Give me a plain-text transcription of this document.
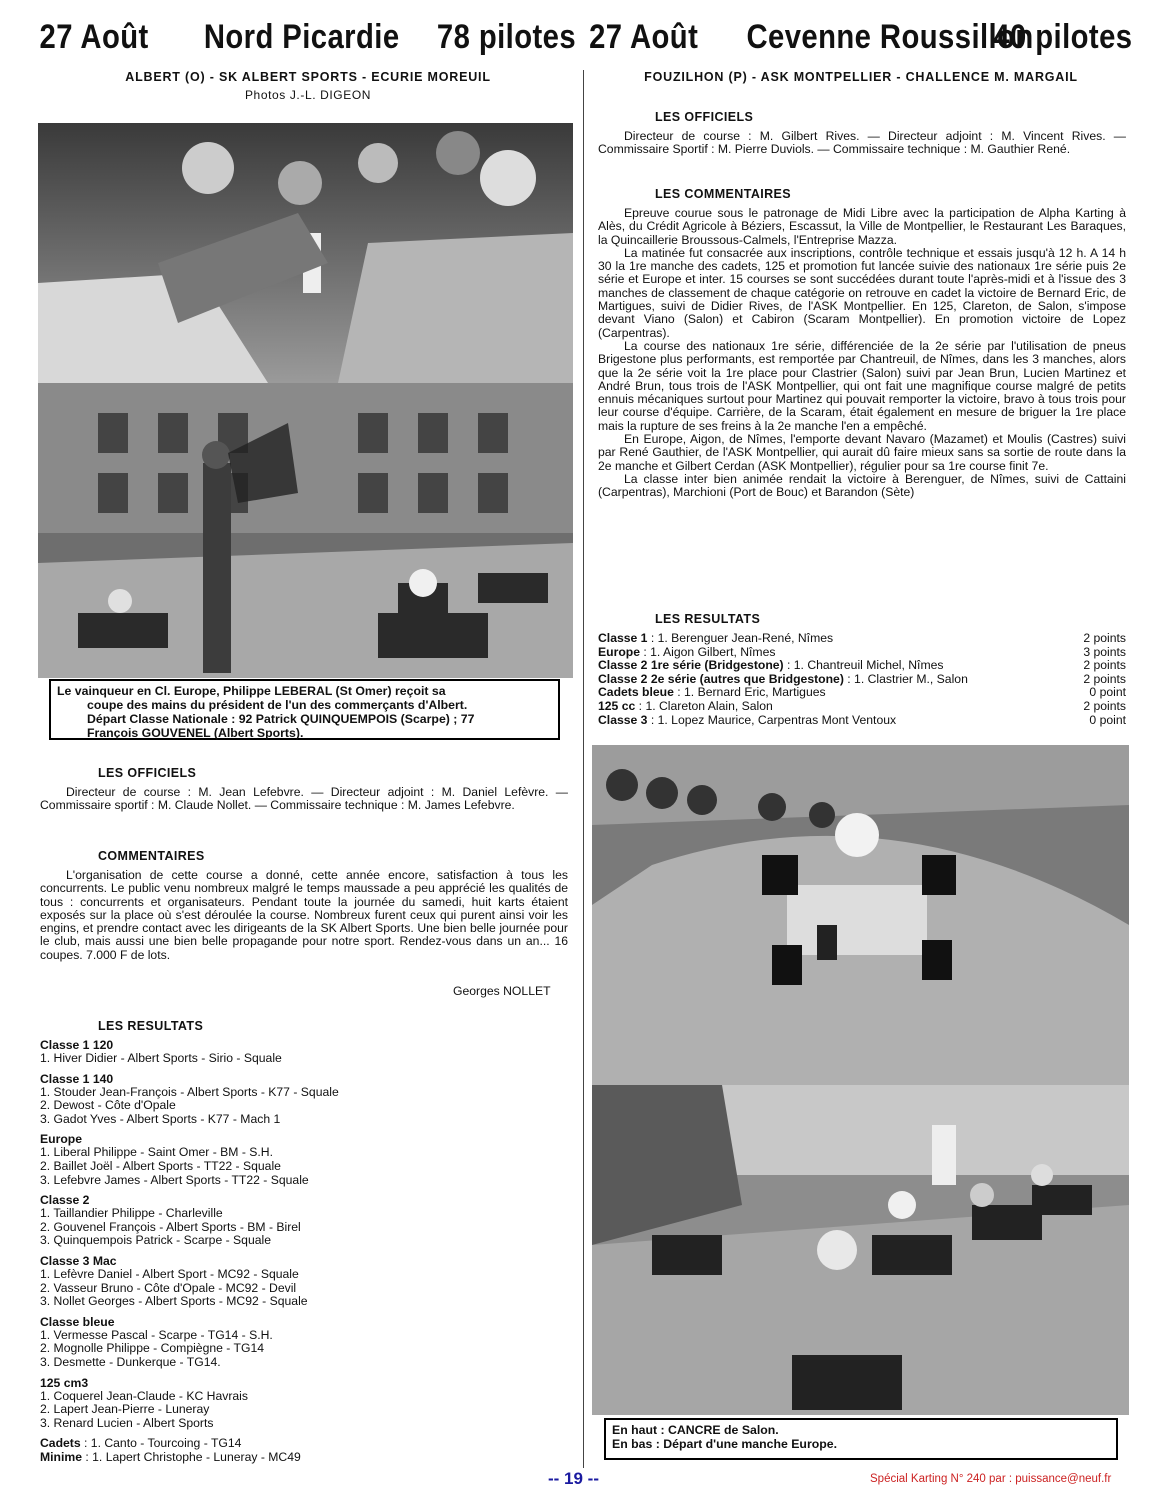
27 Août Nord Picardie 78 pilotes 27 Août Cevenne Roussillon
40 pilotes
ALBERT (O) - SK ALBERT SPORTS - ECURIE MOREUIL
Photos J.-L. DIGEON
Le vainqueur en Cl. Europe, Philippe LEBERAL (St Omer) reçoit sa
coupe des mains du président de l'un des commerçants d'Albert.
Départ Classe Nationale : 92 Patrick QUINQUEMPOIS (Scarpe) ; 77
François GOUVENEL (Albert Sports).
LES OFFICIELS

Directeur de course : M. Jean Lefebvre. — Directeur adjoint : M. Daniel Lefèvre. — Commissaire sportif : M. Claude Nollet. — Commissaire technique : M. James Lefebvre.

COMMENTAIRES

L'organisation de cette course a donné, cette année encore, satisfaction à tous les concurrents. Le public venu nombreux malgré le temps maussade a peu apprécié les qualités de tous : concurrents et organisateurs. Pendant toute la journée du samedi, huit karts étaient exposés sur la place où s'est déroulée la course. Nombreux furent ceux qui purent ainsi voir les engins, et prendre contact avec les dirigeants de la SK Albert Sports. Une bien belle journée pour le club, mais aussi une bien belle propagande pour notre sport. Rendez-vous dans un an... 16 coupes. 7.000 F de lots.

Georges NOLLET
LES RESULTATS
Classe 1 120
1. Hiver Didier - Albert Sports - Sirio - Squale
Classe 1 140
1. Stouder Jean-François - Albert Sports - K77 - Squale
2. Dewost - Côte d'Opale
3. Gadot Yves - Albert Sports - K77 - Mach 1
Europe
1. Liberal Philippe - Saint Omer - BM - S.H.
2. Baillet Joël - Albert Sports - TT22 - Squale
3. Lefebvre James - Albert Sports - TT22 - Squale
Classe 2
1. Taillandier Philippe - Charleville
2. Gouvenel François - Albert Sports - BM - Birel
3. Quinquempois Patrick - Scarpe - Squale
Classe 3 Mac
1. Lefèvre Daniel - Albert Sport - MC92 - Squale
2. Vasseur Bruno - Côte d'Opale - MC92 - Devil
3. Nollet Georges - Albert Sports - MC92 - Squale
Classe bleue
1. Vermesse Pascal - Scarpe - TG14 - S.H.
2. Mognolle Philippe - Compiègne - TG14
3. Desmette - Dunkerque - TG14.
125 cm3
1. Coquerel Jean-Claude - KC Havrais
2. Lapert Jean-Pierre - Luneray
3. Renard Lucien - Albert Sports
Cadets : 1. Canto - Tourcoing - TG14
Minime : 1. Lapert Christophe - Luneray - MC49
FOUZILHON (P) - ASK MONTPELLIER - CHALLENCE M. MARGAIL
LES OFFICIELS

Directeur de course : M. Gilbert Rives. — Directeur adjoint : M. Vincent Rives. — Commissaire Sportif : M. Pierre Duviols. — Commissaire technique : M. Gauthier René.

LES COMMENTAIRES

Epreuve courue sous le patronage de Midi Libre avec la participation de Alpha Karting à Alès, du Crédit Agricole à Béziers, Escassut, la Ville de Montpellier, le Restaurant Les Baraques, la Quincaillerie Broussous-Calmels, l'Entreprise Mazza.

La matinée fut consacrée aux inscriptions, contrôle technique et essais jusqu'à 12 h. A 14 h 30 la 1re manche des cadets, 125 et promotion fut lancée suivie des nationaux 1re série puis 2e série et Europe et inter. 15 courses se sont succédées durant toute l'après-midi et à l'issue des 3 manches de classement de chaque catégorie on retrouve en cadet la victoire de Bernard Eric, de Martigues, suivi de Didier Rives, de l'ASK Montpellier. En 125, Clareton, de Salon, s'impose devant Viano (Salon) et Cabiron (Scaram Montpellier). En promotion victoire de Lopez (Carpentras).

La course des nationaux 1re série, différenciée de la 2e série par l'utilisation de pneus Brigestone plus performants, est remportée par Chantreuil, de Nîmes, dans les 3 manches, alors que la 2e série voit la 1re place pour Clastrier (Salon) suivi par Jean Brun, Lucien Martinez et André Brun, tous trois de l'ASK Montpellier, qui ont fait une magnifique course malgré de petits ennuis mécaniques surtout pour Martinez qui pouvait remporter la victoire, bravo à tous trois pour leur course d'équipe. Carrière, de la Scaram, était également en mesure de briguer la 1re place mais la rupture de ses freins à la 2e manche l'en a empêché.

En Europe, Aigon, de Nîmes, l'emporte devant Navaro (Mazamet) et Moulis (Castres) suivi par René Gauthier, de l'ASK Montpellier, qui aurait dû faire mieux sans sa sortie de route dans la 2e manche et Gilbert Cerdan (ASK Montpellier), régulier pour sa 1re course finit 7e.

La classe inter bien animée rendait la victoire à Berenguer, de Nîmes, suivi de Cattaini (Carpentras), Marchioni (Port de Bouc) et Barandon (Sète)

LES RESULTATS
Classe 1 : 1. Berenguer Jean-René, Nîmes	2 points
Europe : 1. Aigon Gilbert, Nîmes	3 points
Classe 2 1re série (Bridgestone) : 1. Chantreuil Michel, Nîmes	2 points
Classe 2 2e série (autres que Bridgestone) : 1. Clastrier M., Salon	2 points
Cadets bleue : 1. Bernard Eric, Martigues	0 point
125 cc : 1. Clareton Alain, Salon	2 points
Classe 3 : 1. Lopez Maurice, Carpentras Mont Ventoux	0 point
En haut : CANCRE de Salon.
En bas : Départ d'une manche Europe.
-- 19 --	Spécial Karting N° 240 par : puissance@neuf.fr
